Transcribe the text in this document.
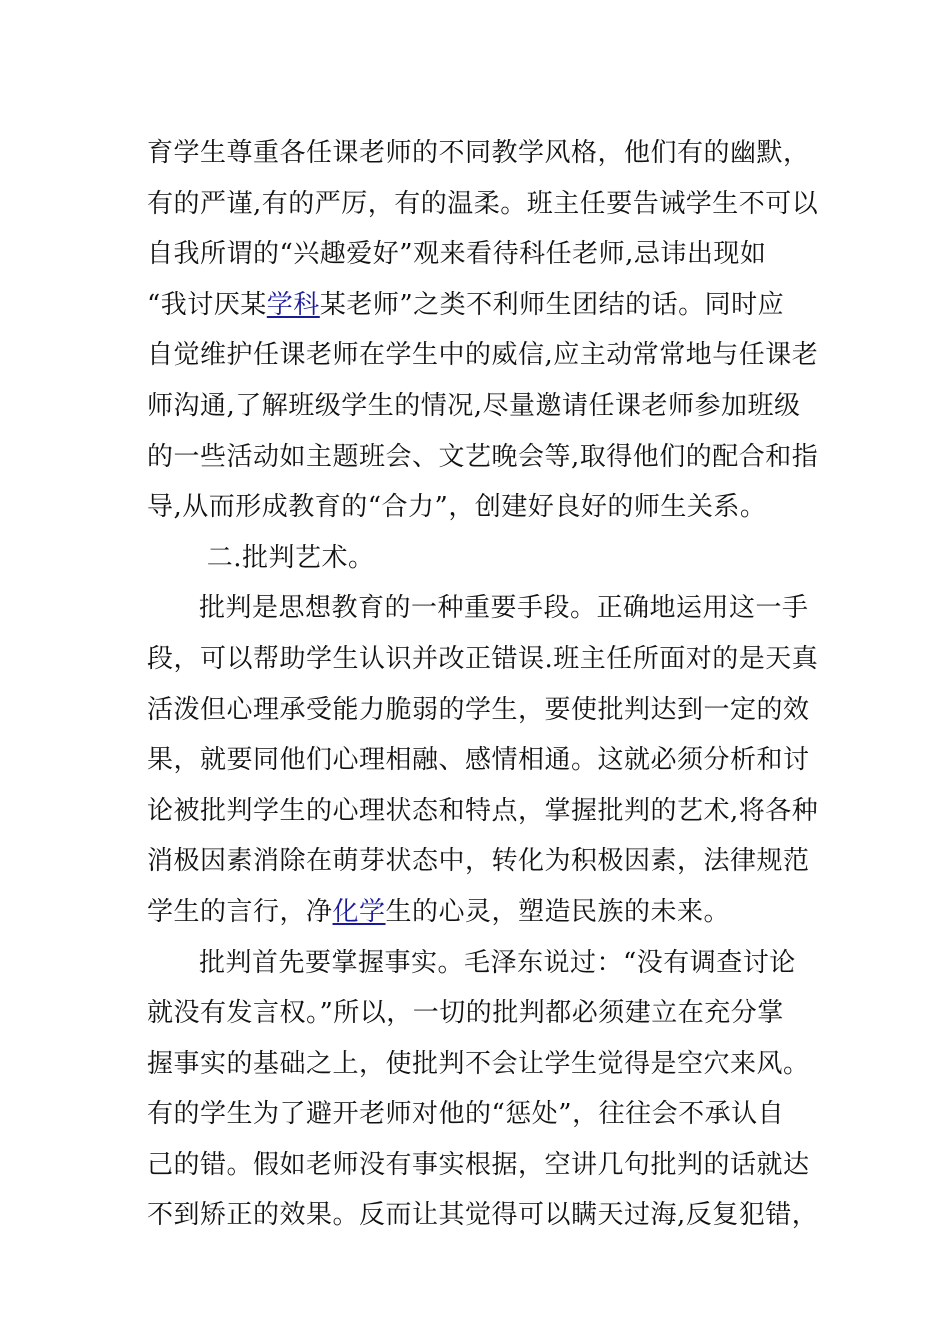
育学生尊重各任课老师的不同教学风格，他们有的幽默，
有的严谨,有的严厉，有的温柔。班主任要告诫学生不可以
自我所谓的“兴趣爱好”观来看待科任老师,忌讳出现如
“我讨厌某学科某老师”之类不利师生团结的话。同时应
自觉维护任课老师在学生中的威信,应主动常常地与任课老
师沟通,了解班级学生的情况,尽量邀请任课老师参加班级
的一些活动如主题班会、文艺晚会等,取得他们的配合和指
导,从而形成教育的“合力”，创建好良好的师生关系。
二.批判艺术。
批判是思想教育的一种重要手段。正确地运用这一手
段，可以帮助学生认识并改正错误.班主任所面对的是天真
活泼但心理承受能力脆弱的学生，要使批判达到一定的效
果，就要同他们心理相融、感情相通。这就必须分析和讨
论被批判学生的心理状态和特点，掌握批判的艺术,将各种
消极因素消除在萌芽状态中，转化为积极因素，法律规范
学生的言行，净化学生的心灵，塑造民族的未来。
批判首先要掌握事实。毛泽东说过：“没有调查讨论
就没有发言权。”所以，一切的批判都必须建立在充分掌
握事实的基础之上，使批判不会让学生觉得是空穴来风。
有的学生为了避开老师对他的“惩处”，往往会不承认自
己的错。假如老师没有事实根据，空讲几句批判的话就达
不到矫正的效果。反而让其觉得可以瞒天过海,反复犯错，
